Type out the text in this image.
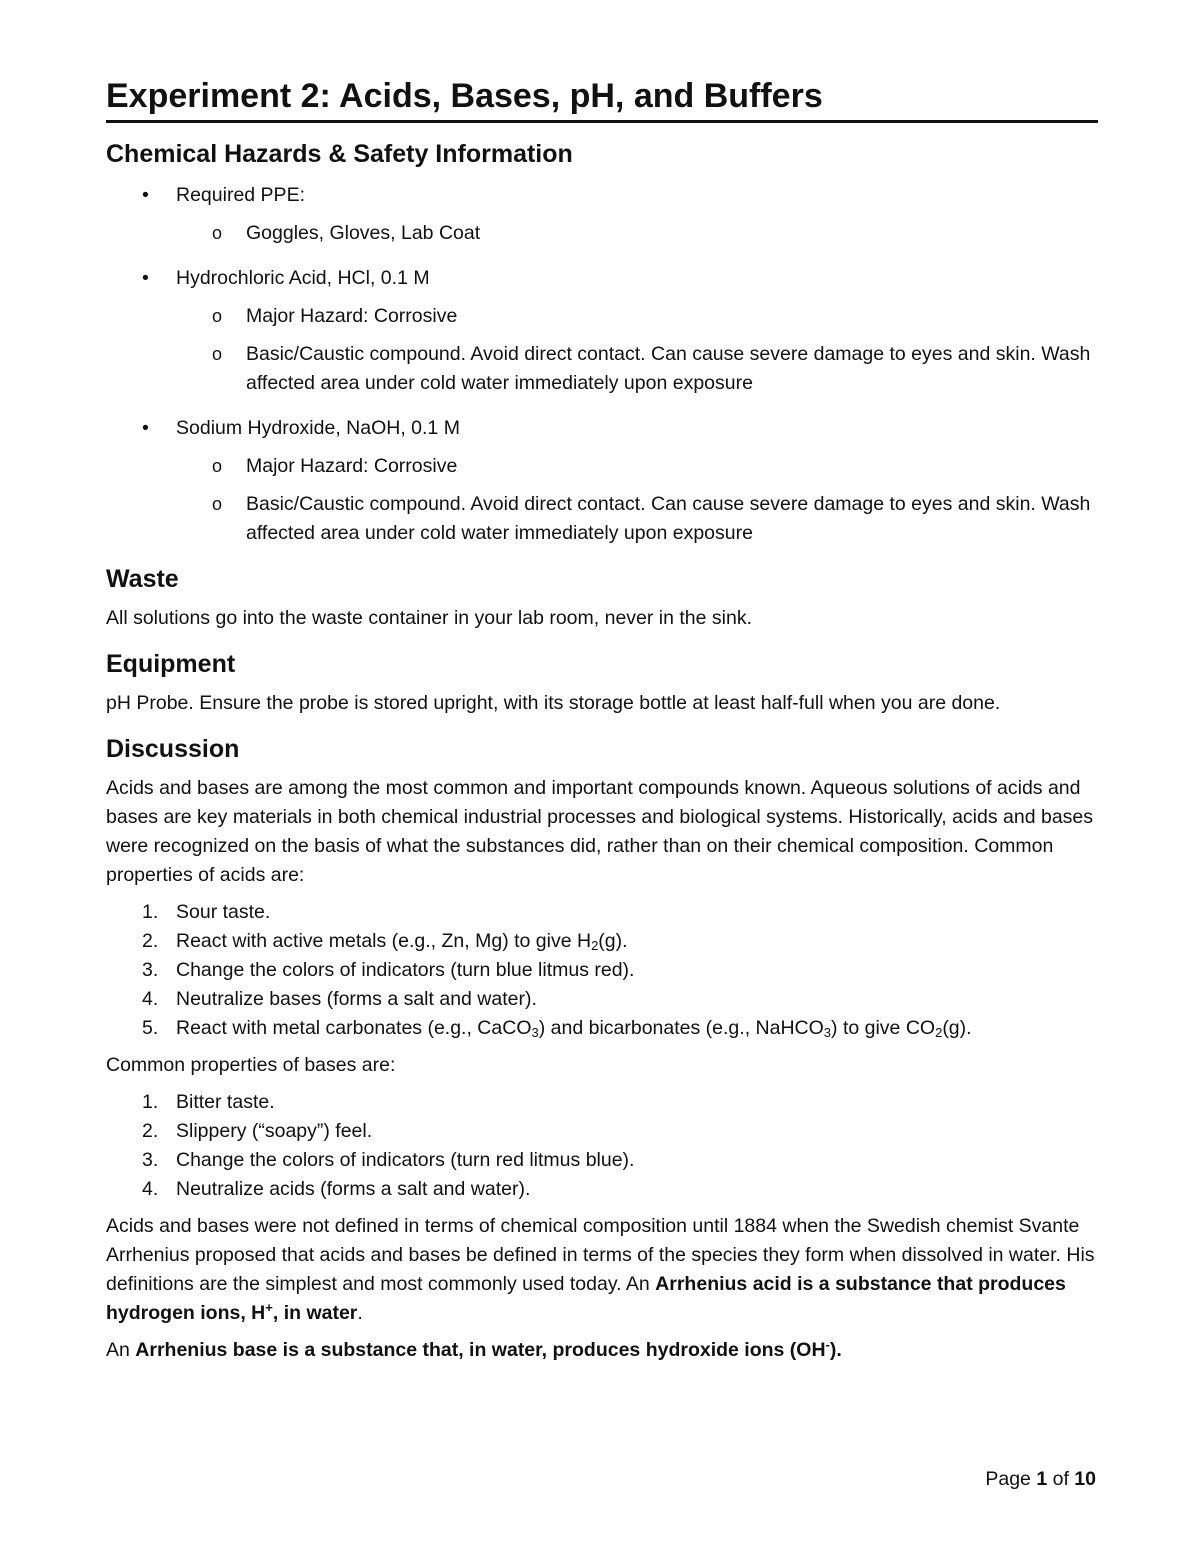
Experiment 2: Acids, Bases, pH, and Buffers
Chemical Hazards & Safety Information
• Required PPE:
o Goggles, Gloves, Lab Coat
• Hydrochloric Acid, HCl, 0.1 M
o Major Hazard: Corrosive
o Basic/Caustic compound. Avoid direct contact. Can cause severe damage to eyes and skin. Wash affected area under cold water immediately upon exposure
• Sodium Hydroxide, NaOH, 0.1 M
o Major Hazard: Corrosive
o Basic/Caustic compound. Avoid direct contact. Can cause severe damage to eyes and skin. Wash affected area under cold water immediately upon exposure
Waste

All solutions go into the waste container in your lab room, never in the sink.

Equipment

pH Probe. Ensure the probe is stored upright, with its storage bottle at least half-full when you are done.

Discussion

Acids and bases are among the most common and important compounds known. Aqueous solutions of acids and bases are key materials in both chemical industrial processes and biological systems. Historically, acids and bases were recognized on the basis of what the substances did, rather than on their chemical composition. Common properties of acids are:

1. Sour taste.
2. React with active metals (e.g., Zn, Mg) to give $H_2(g)$.
3. Change the colors of indicators (turn blue litmus red).
4. Neutralize bases (forms a salt and water).
5. React with metal carbonates (e.g., CaCO$_3$) and bicarbonates (e.g., NaHCO$_3$) to give $CO_2(g)$.

Common properties of bases are:

1. Bitter taste.
2. Slippery (“soapy”) feel.
3. Change the colors of indicators (turn red litmus blue).
4. Neutralize acids (forms a salt and water).

Acids and bases were not defined in terms of chemical composition until 1884 when the Swedish chemist Svante Arrhenius proposed that acids and bases be defined in terms of the species they form when dissolved in water. His definitions are the simplest and most commonly used today. An Arrhenius acid is a substance that produces hydrogen ions, H+, in water.

An Arrhenius base is a substance that, in water, produces hydroxide ions (OH-).

Page 1 of 10
